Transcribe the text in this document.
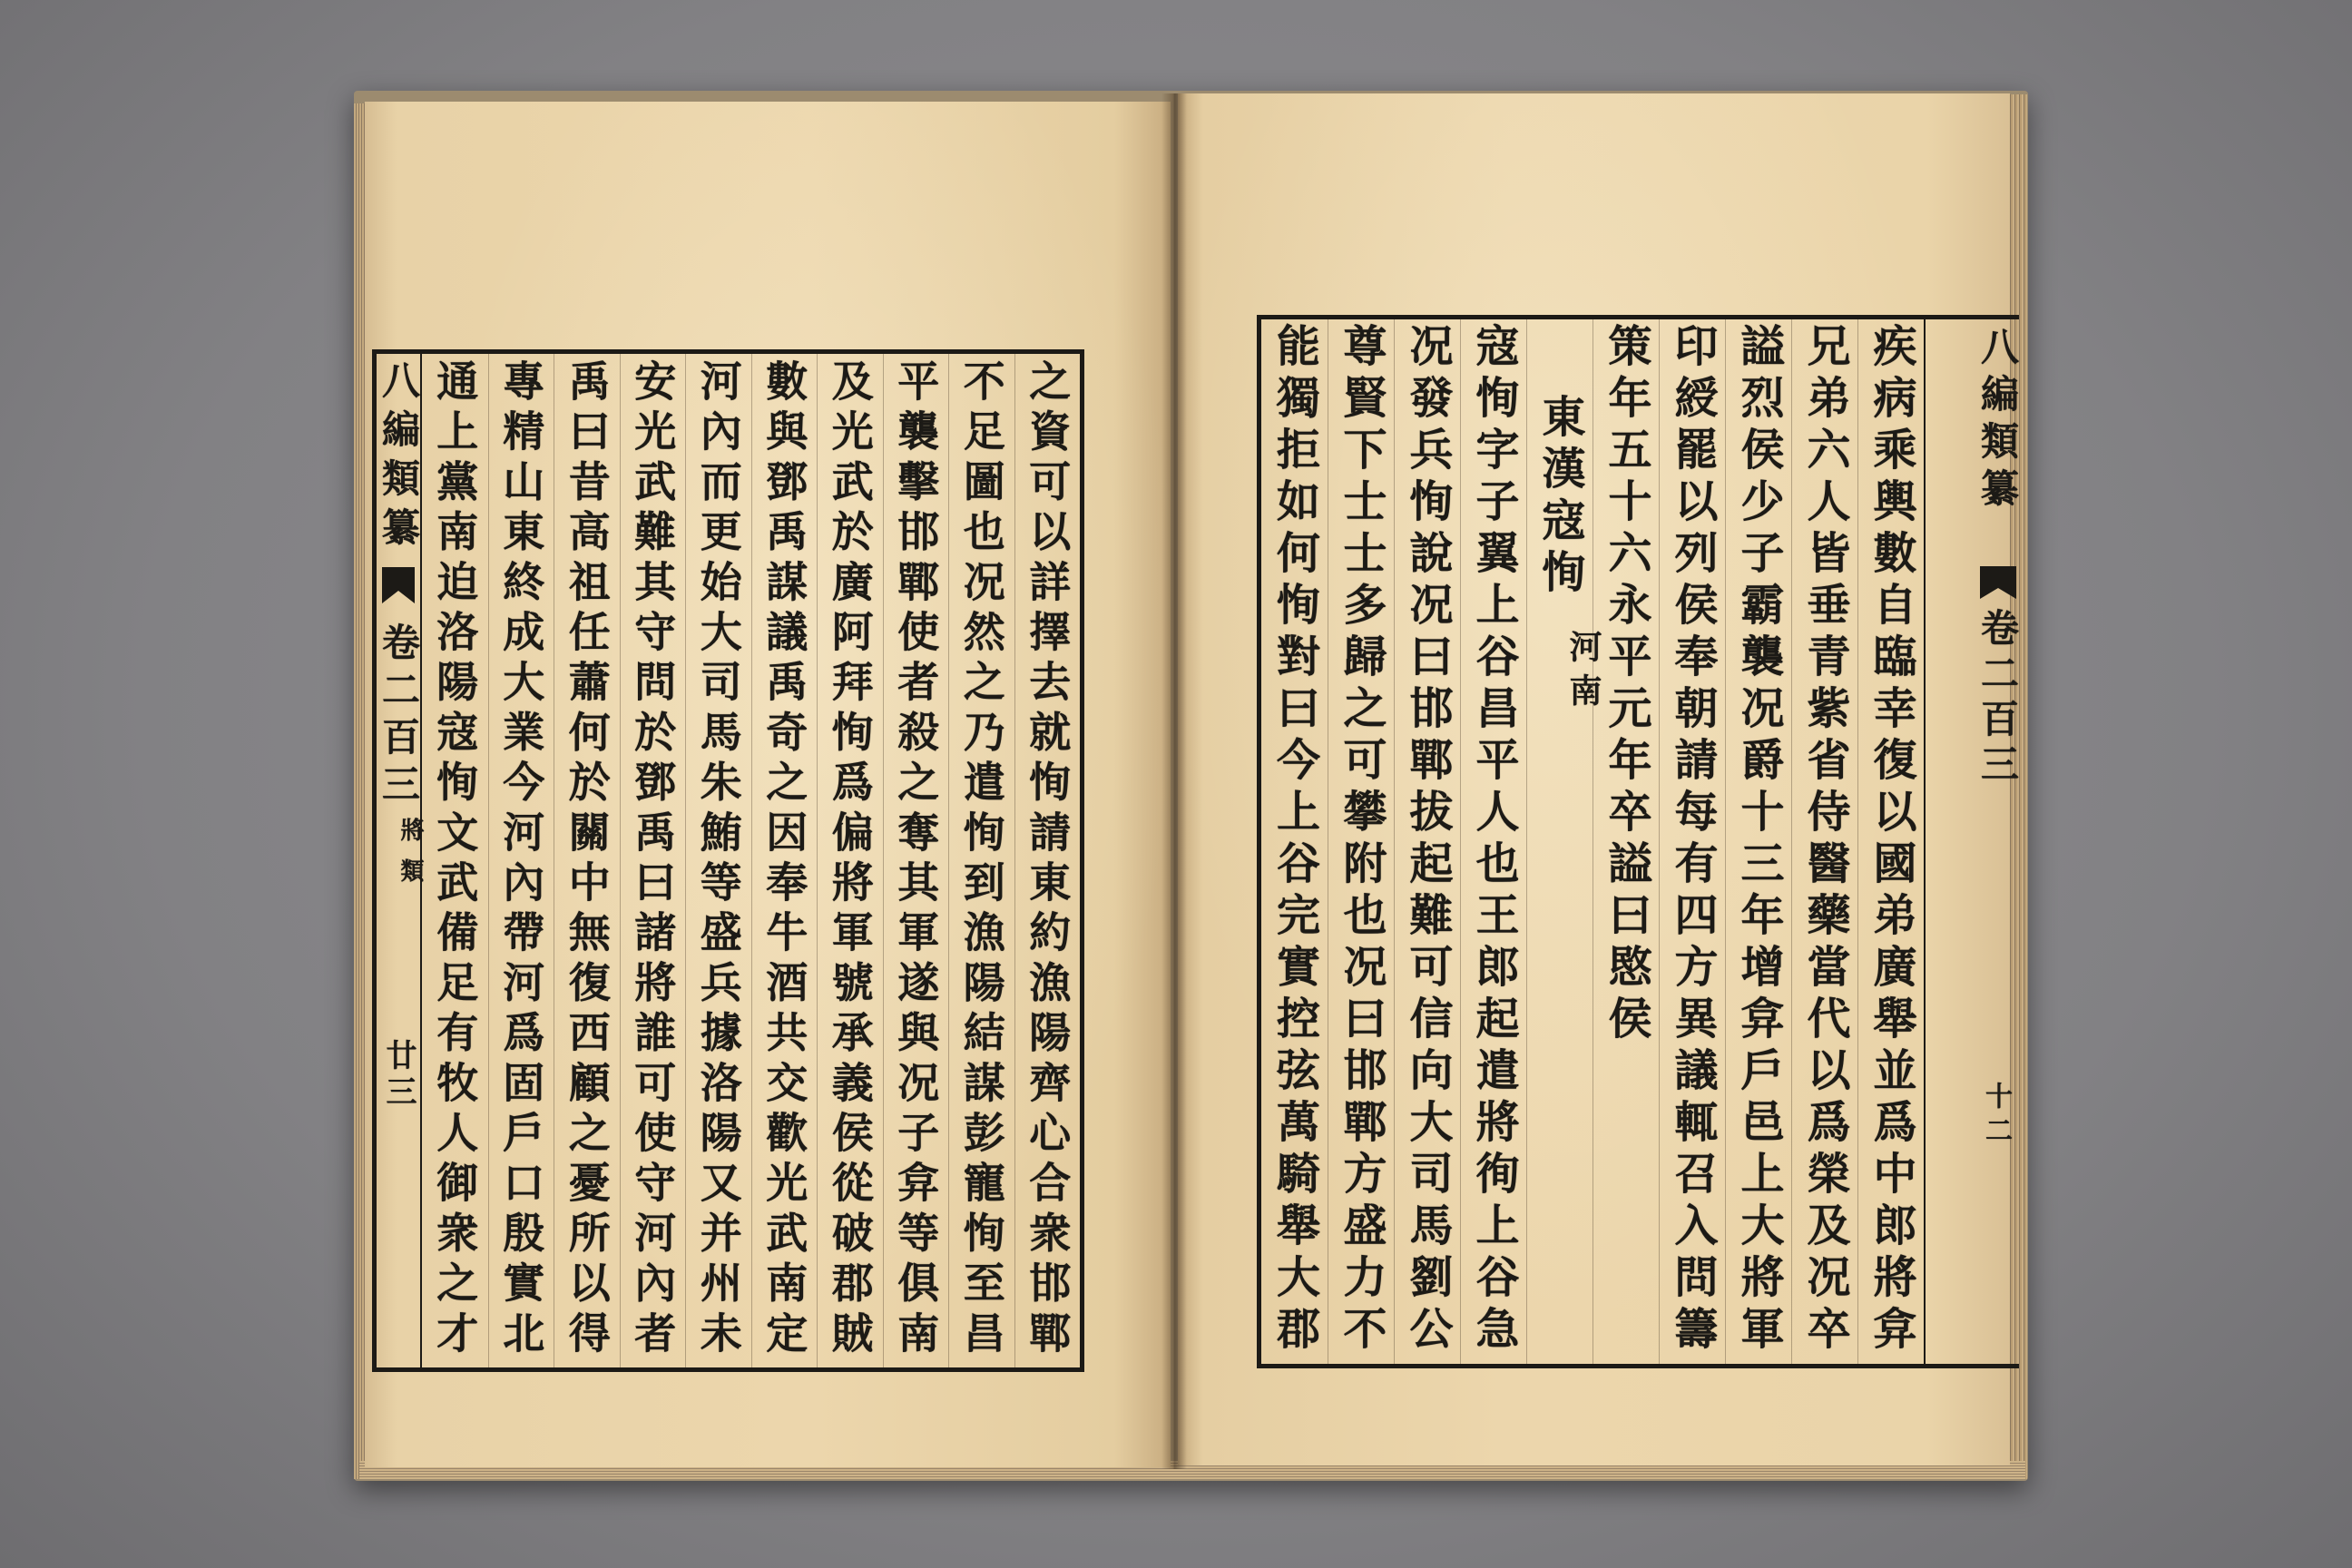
之資可以詳擇去就恂請東約漁陽齊心合衆邯鄲
不足圖也况然之乃遣恂到漁陽結謀彭寵恂至昌
平襲擊邯鄲使者殺之奪其軍遂與况子弇等俱南
及光武於廣阿拜恂爲偏將軍號承義侯從破郡賊
數與鄧禹謀議禹奇之因奉牛酒共交歡光武南定
河內而更始大司馬朱鮪等盛兵據洛陽又并州未
安光武難其守問於鄧禹曰諸將誰可使守河內者
禹曰昔高祖任蕭何於關中無復西顧之憂所以得
專精山東終成大業今河內帶河爲固戶口殷實北
通上黨南迫洛陽寇恂文武備足有牧人御衆之才
八編類纂
卷二百三
將類
廿三
八編類纂
卷二百三
十二
疾病乘輿數自臨幸復以國弟廣舉並爲中郎將弇
兄弟六人皆垂青紫省侍醫藥當代以爲榮及况卒
謚烈侯少子霸襲况爵十三年增弇戶邑上大將軍
印綬罷以列侯奉朝請每有四方異議輒召入問籌
策年五十六永平元年卒謚曰愍侯
東漢寇恂
河南
寇恂字子翼上谷昌平人也王郎起遣將徇上谷急
况發兵恂說况曰邯鄲拔起難可信向大司馬劉公
尊賢下士士多歸之可攀附也况曰邯鄲方盛力不
能獨拒如何恂對曰今上谷完實控弦萬騎舉大郡
